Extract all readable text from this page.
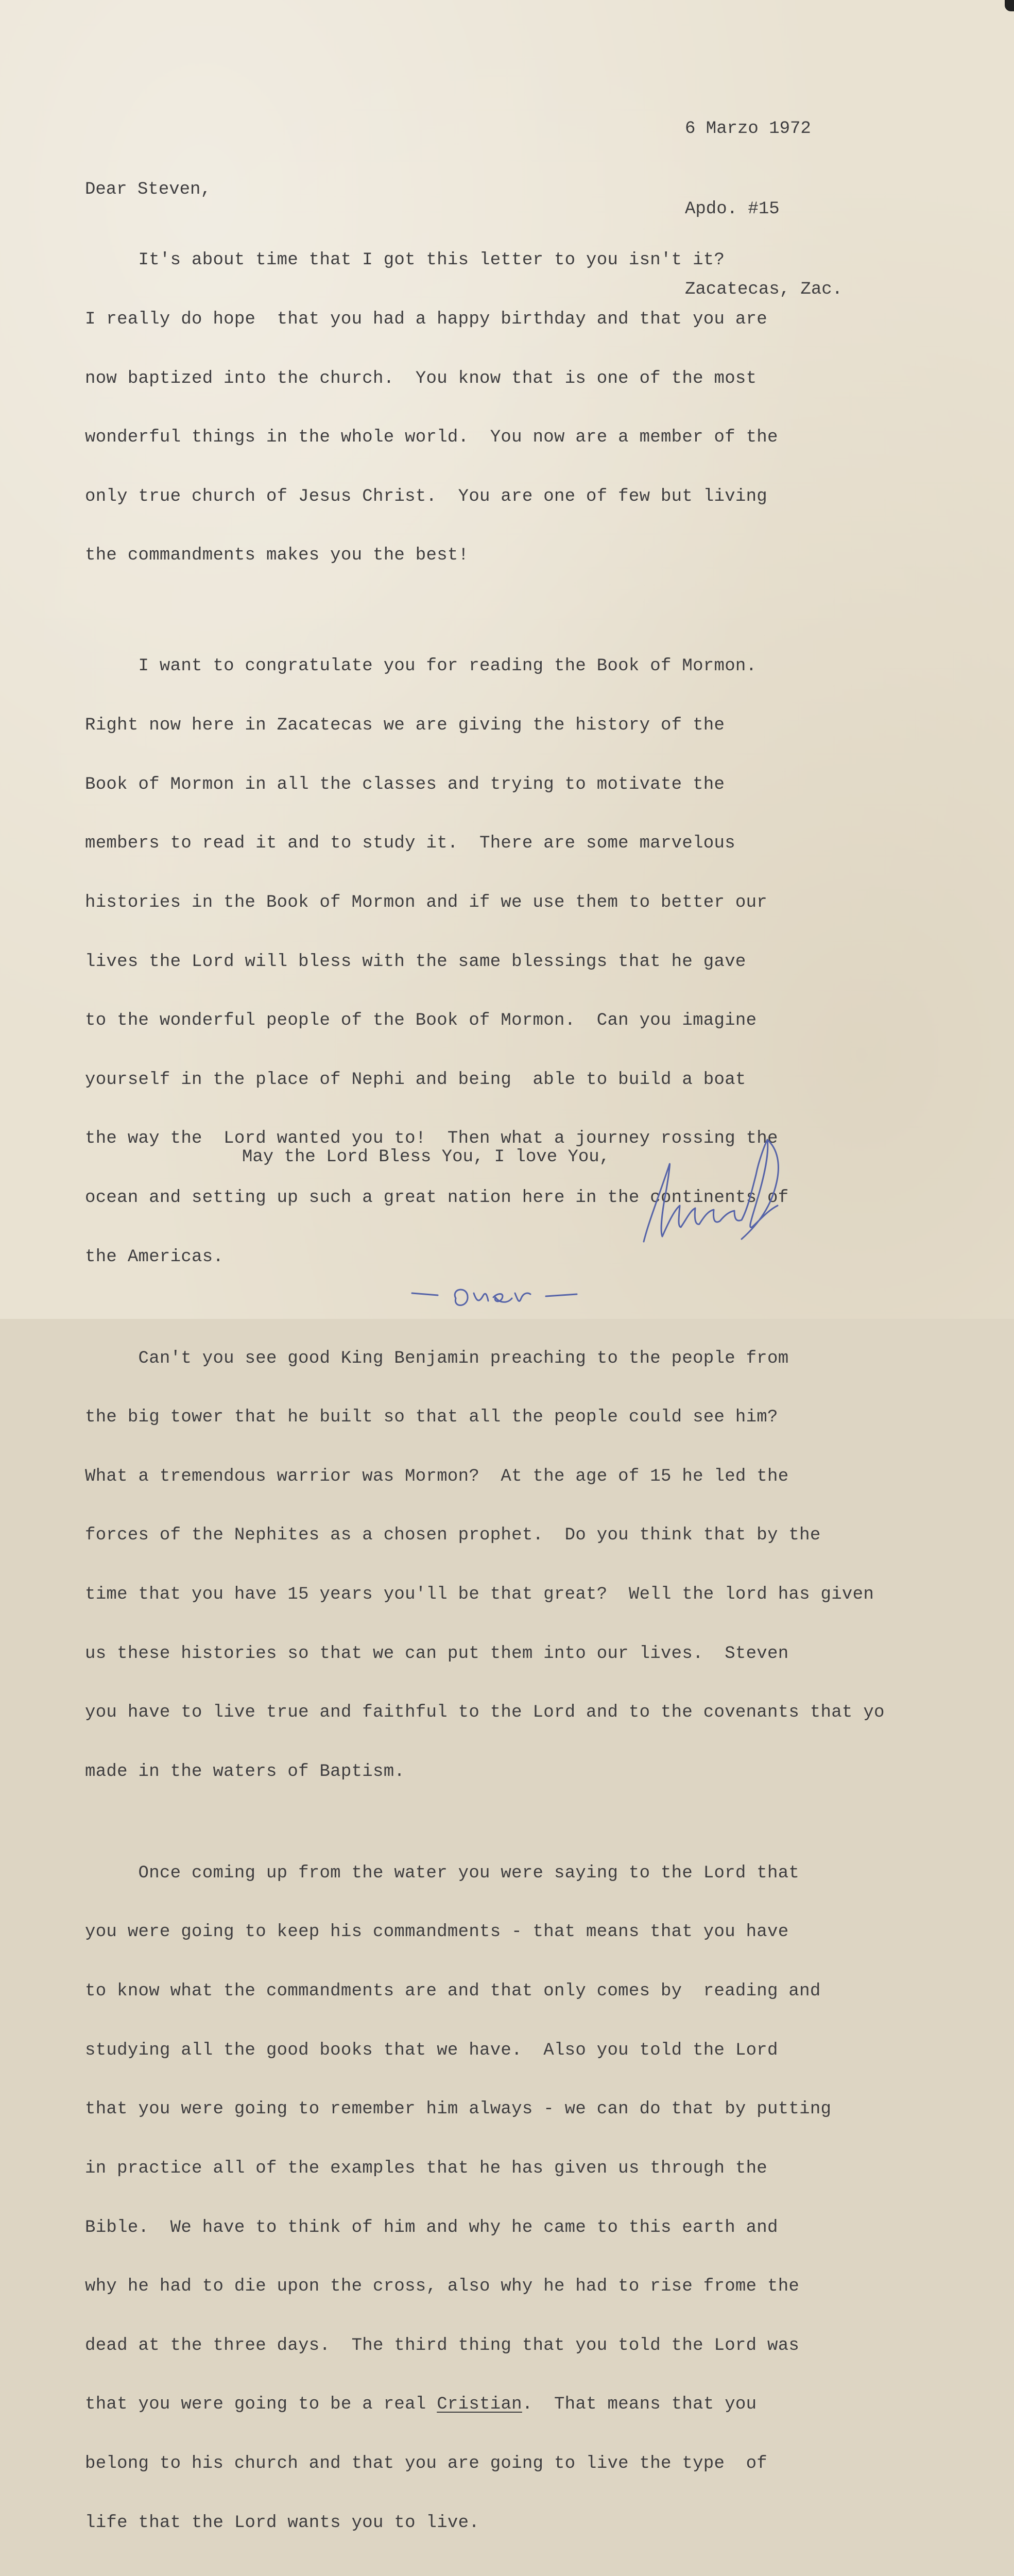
6 Marzo 1972

Apdo. #15

Zacatecas, Zac.

Dear Steven,

It's about time that I got this letter to you isn't it?

I really do hope  that you had a happy birthday and that you are

now baptized into the church.  You know that is one of the most

wonderful things in the whole world.  You now are a member of the

only true church of Jesus Christ.  You are one of few but living

the commandments makes you the best!

I want to congratulate you for reading the Book of Mormon.

Right now here in Zacatecas we are giving the history of the

Book of Mormon in all the classes and trying to motivate the

members to read it and to study it.  There are some marvelous

histories in the Book of Mormon and if we use them to better our

lives the Lord will bless with the same blessings that he gave

to the wonderful people of the Book of Mormon.  Can you imagine

yourself in the place of Nephi and being  able to build a boat

the way the  Lord wanted you to!  Then what a journey rossing the

ocean and setting up such a great nation here in the continents of

the Americas.

Can't you see good King Benjamin preaching to the people from

the big tower that he built so that all the people could see him?

What a tremendous warrior was Mormon?  At the age of 15 he led the

forces of the Nephites as a chosen prophet.  Do you think that by the

time that you have 15 years you'll be that great?  Well the lord has given

us these histories so that we can put them into our lives.  Steven

you have to live true and faithful to the Lord and to the covenants that yo

made in the waters of Baptism.

Once coming up from the water you were saying to the Lord that

you were going to keep his commandments - that means that you have

to know what the commandments are and that only comes by  reading and

studying all the good books that we have.  Also you told the Lord

that you were going to remember him always - we can do that by putting

in practice all of the examples that he has given us through the

Bible.  We have to think of him and why he came to this earth and

why he had to die upon the cross, also why he had to rise frome the

dead at the three days.  The third thing that you told the Lord was

that you were going to be a real Cristian.  That means that you

belong to his church and that you are going to live the type  of

life that the Lord wants you to live.

May the Lord Bless You, I love You,
